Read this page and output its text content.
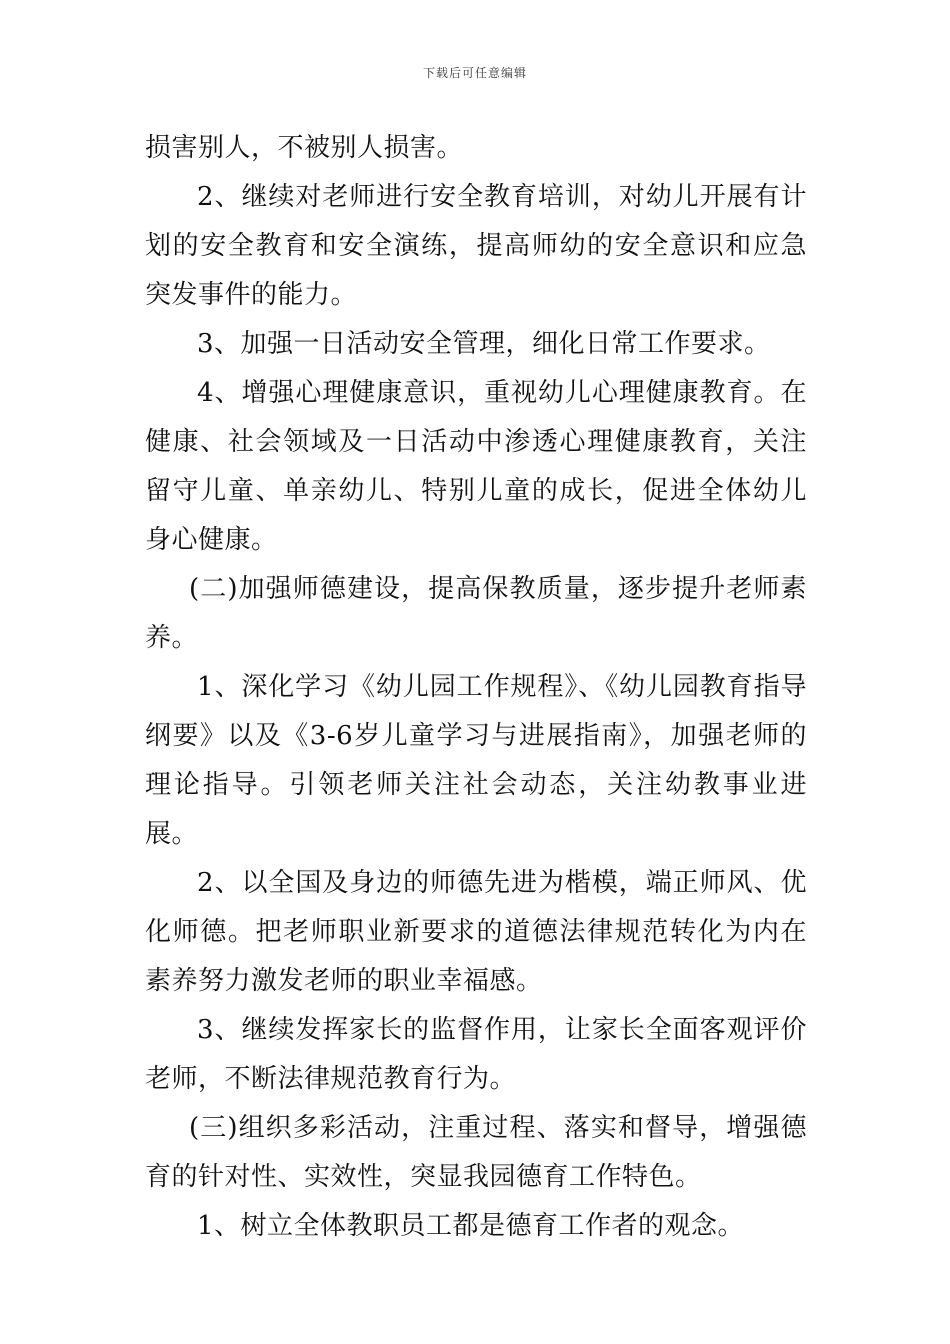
下载后可任意编辑

损害别人，不被别人损害。

2、继续对老师进行安全教育培训，对幼儿开展有计划的安全教育和安全演练，提高师幼的安全意识和应急突发事件的能力。

3、加强一日活动安全管理，细化日常工作要求。

4、增强心理健康意识，重视幼儿心理健康教育。在健康、社会领域及一日活动中渗透心理健康教育，关注留守儿童、单亲幼儿、特别儿童的成长，促进全体幼儿身心健康。

(二)加强师德建设，提高保教质量，逐步提升老师素养。

1、深化学习《幼儿园工作规程》、《幼儿园教育指导纲要》以及《3-6岁儿童学习与进展指南》，加强老师的理论指导。引领老师关注社会动态，关注幼教事业进展。

2、以全国及身边的师德先进为楷模，端正师风、优化师德。把老师职业新要求的道德法律规范转化为内在素养努力激发老师的职业幸福感。

3、继续发挥家长的监督作用，让家长全面客观评价老师，不断法律规范教育行为。

(三)组织多彩活动，注重过程、落实和督导，增强德育的针对性、实效性，突显我园德育工作特色。

1、树立全体教职员工都是德育工作者的观念。
